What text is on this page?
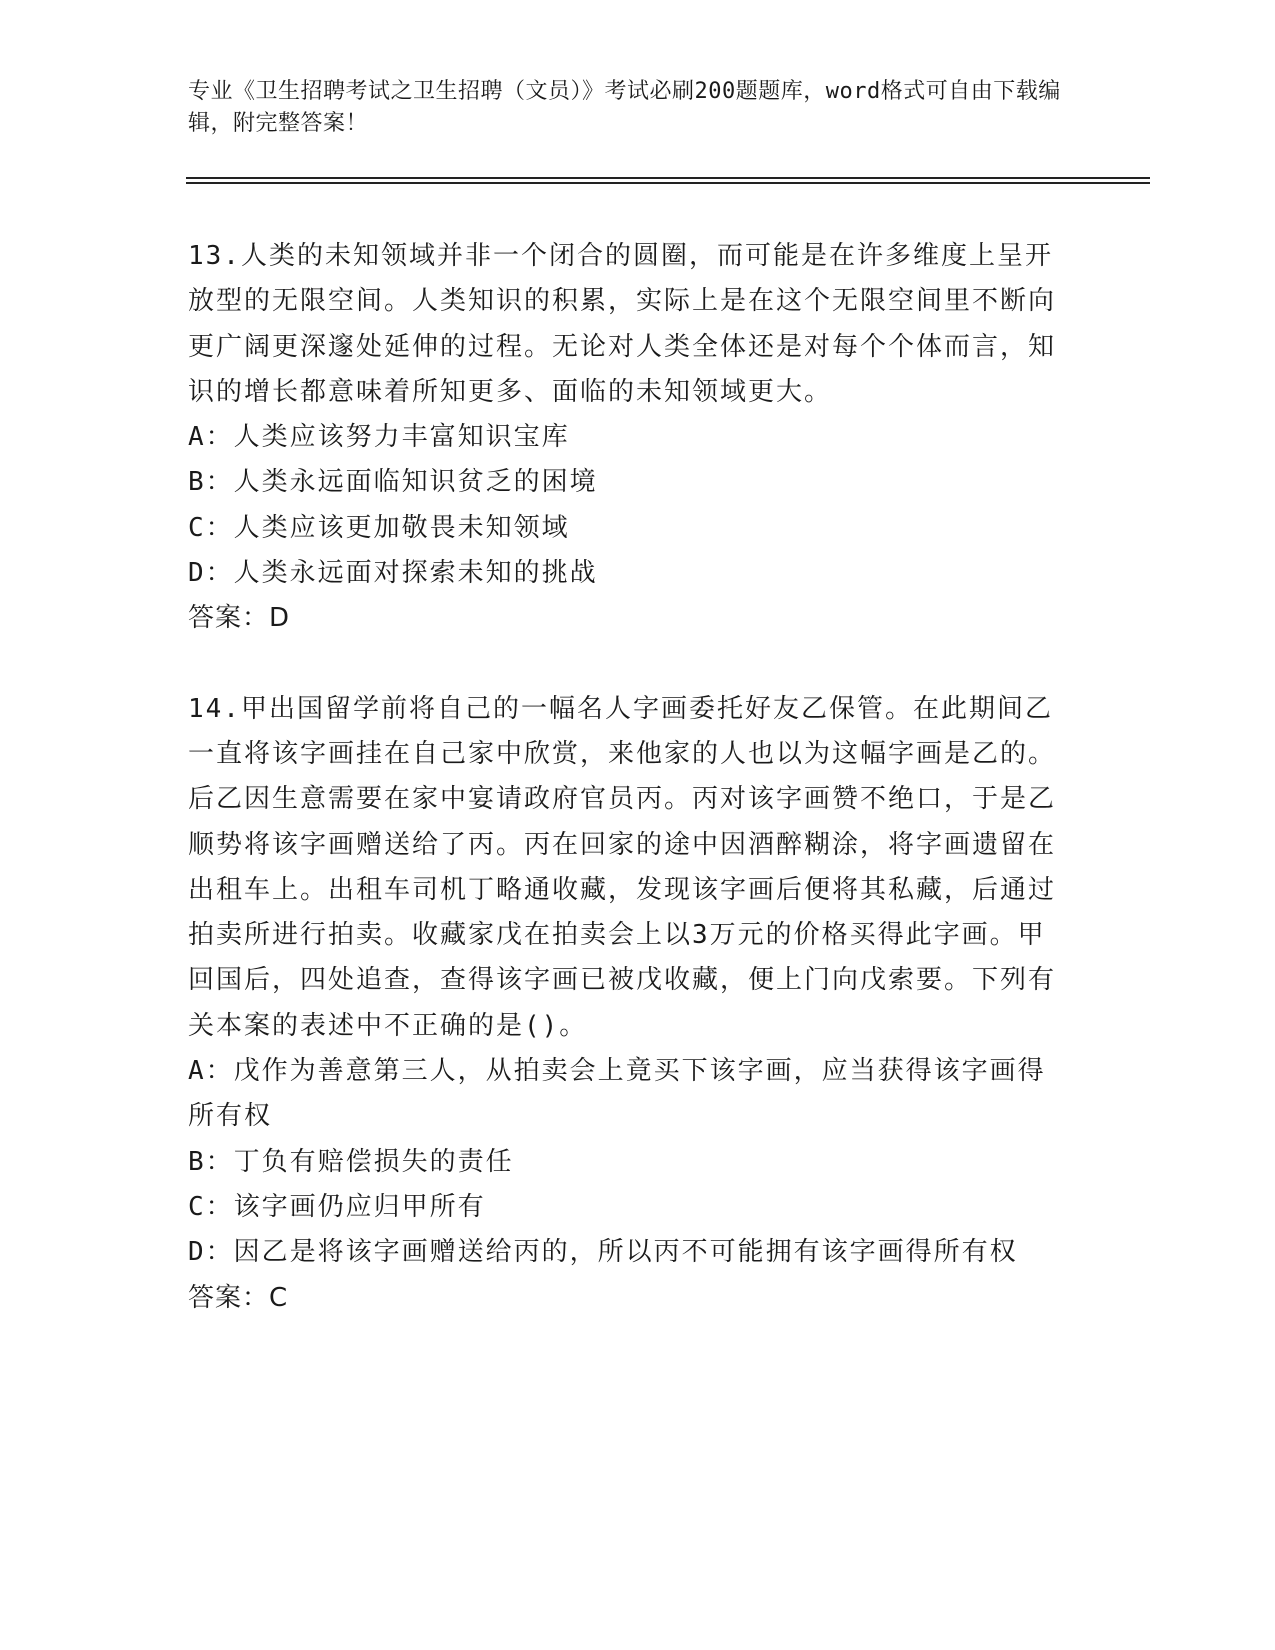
专业《卫生招聘考试之卫生招聘（文员）》考试必刷200题题库，word格式可自由下载编辑，附完整答案！

13.人类的未知领域并非一个闭合的圆圈，而可能是在许多维度上呈开放型的无限空间。人类知识的积累，实际上是在这个无限空间里不断向更广阔更深邃处延伸的过程。无论对人类全体还是对每个个体而言，知识的增长都意味着所知更多、面临的未知领域更大。

A：人类应该努力丰富知识宝库

B：人类永远面临知识贫乏的困境

C：人类应该更加敬畏未知领域

D：人类永远面对探索未知的挑战

答案：D

14.甲出国留学前将自己的一幅名人字画委托好友乙保管。在此期间乙一直将该字画挂在自己家中欣赏，来他家的人也以为这幅字画是乙的。后乙因生意需要在家中宴请政府官员丙。丙对该字画赞不绝口，于是乙顺势将该字画赠送给了丙。丙在回家的途中因酒醉糊涂，将字画遗留在出租车上。出租车司机丁略通收藏，发现该字画后便将其私藏，后通过拍卖所进行拍卖。收藏家戊在拍卖会上以3万元的价格买得此字画。甲回国后，四处追查，查得该字画已被戊收藏，便上门向戊索要。下列有关本案的表述中不正确的是()。

A：戊作为善意第三人，从拍卖会上竟买下该字画，应当获得该字画得所有权

B：丁负有赔偿损失的责任

C：该字画仍应归甲所有

D：因乙是将该字画赠送给丙的，所以丙不可能拥有该字画得所有权

答案：C
